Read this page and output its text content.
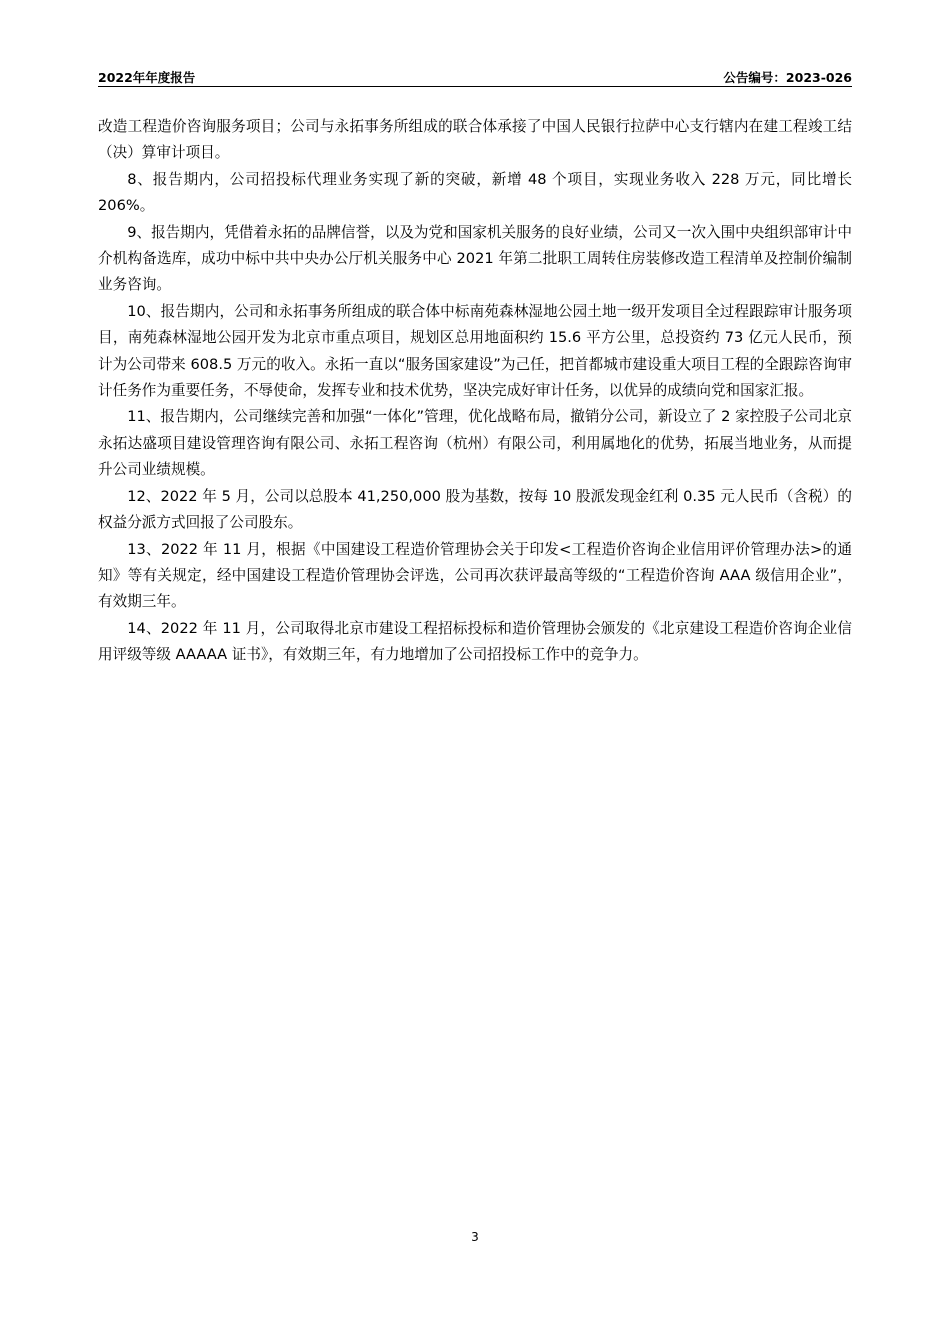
2022年年度报告	公告编号：2023-026

改造工程造价咨询服务项目；公司与永拓事务所组成的联合体承接了中国人民银行拉萨中心支行辖内在建工程竣工结（决）算审计项目。

8、报告期内，公司招投标代理业务实现了新的突破，新增 48 个项目，实现业务收入 228 万元，同比增长 206%。

9、报告期内，凭借着永拓的品牌信誉，以及为党和国家机关服务的良好业绩，公司又一次入围中央组织部审计中介机构备选库，成功中标中共中央办公厅机关服务中心 2021 年第二批职工周转住房装修改造工程清单及控制价编制业务咨询。

10、报告期内，公司和永拓事务所组成的联合体中标南苑森林湿地公园土地一级开发项目全过程跟踪审计服务项目，南苑森林湿地公园开发为北京市重点项目，规划区总用地面积约 15.6 平方公里，总投资约 73 亿元人民币，预计为公司带来 608.5 万元的收入。永拓一直以“服务国家建设”为己任，把首都城市建设重大项目工程的全跟踪咨询审计任务作为重要任务，不辱使命，发挥专业和技术优势，坚决完成好审计任务，以优异的成绩向党和国家汇报。

11、报告期内，公司继续完善和加强“一体化”管理，优化战略布局，撤销分公司，新设立了 2 家控股子公司北京永拓达盛项目建设管理咨询有限公司、永拓工程咨询（杭州）有限公司，利用属地化的优势，拓展当地业务，从而提升公司业绩规模。

12、2022 年 5 月，公司以总股本 41,250,000 股为基数，按每 10 股派发现金红利 0.35 元人民币（含税）的权益分派方式回报了公司股东。

13、2022 年 11 月，根据《中国建设工程造价管理协会关于印发<工程造价咨询企业信用评价管理办法>的通知》等有关规定，经中国建设工程造价管理协会评选，公司再次获评最高等级的“工程造价咨询 AAA 级信用企业”，有效期三年。

14、2022 年 11 月，公司取得北京市建设工程招标投标和造价管理协会颁发的《北京建设工程造价咨询企业信用评级等级 AAAAA 证书》，有效期三年，有力地增加了公司招投标工作中的竞争力。

3
